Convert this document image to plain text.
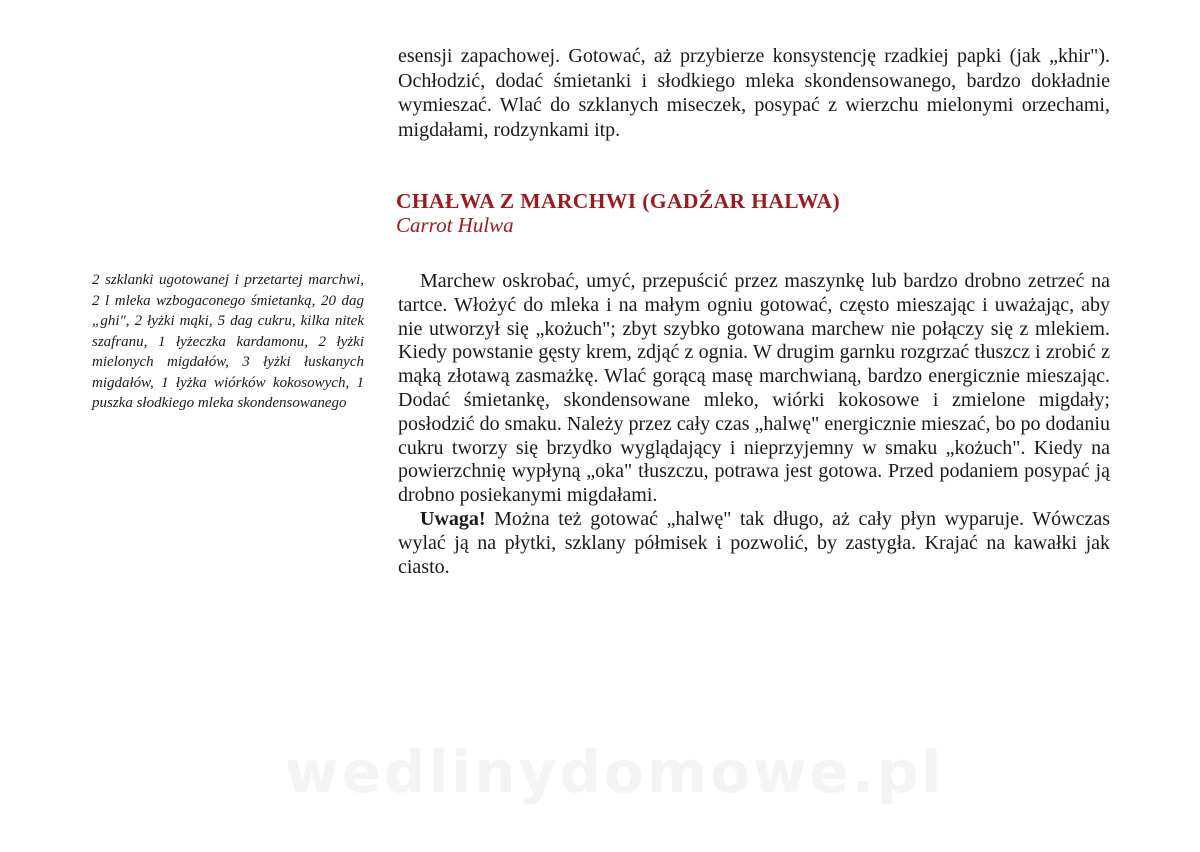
esensji zapachowej. Gotować, aż przybierze konsystencję rzadkiej papki (jak „khir"). Ochłodzić, dodać śmietanki i słodkiego mleka skondensowanego, bardzo dokładnie wymieszać. Wlać do szklanych miseczek, posypać z wierzchu mielonymi orzechami, migdałami, rodzynkami itp.

CHAŁWA Z MARCHWI (GADŹAR HALWA)
Carrot Hulwa

2 szklanki ugotowanej i przetartej marchwi, 2 l mleka wzbogaconego śmietanką, 20 dag „ghi", 2 łyżki mąki, 5 dag cukru, kilka nitek szafranu, 1 łyżeczka kardamonu, 2 łyżki mielonych migdałów, 3 łyżki łuskanych migdałów, 1 łyżka wiórków kokosowych, 1 puszka słodkiego mleka skondensowanego

Marchew oskrobać, umyć, przepuścić przez maszynkę lub bardzo drobno zetrzeć na tartce. Włożyć do mleka i na małym ogniu gotować, często mieszając i uważając, aby nie utworzył się „kożuch"; zbyt szybko gotowana marchew nie połączy się z mlekiem. Kiedy powstanie gęsty krem, zdjąć z ognia. W drugim garnku rozgrzać tłuszcz i zrobić z mąką złotawą zasmażkę. Wlać gorącą masę marchwianą, bardzo energicznie mieszając. Dodać śmietankę, skondensowane mleko, wiórki kokosowe i zmielone migdały; posłodzić do smaku. Należy przez cały czas „halwę" energicznie mieszać, bo po dodaniu cukru tworzy się brzydko wyglądający i nieprzyjemny w smaku „kożuch". Kiedy na powierzchnię wypłyną „oka" tłuszczu, potrawa jest gotowa. Przed podaniem posypać ją drobno posiekanymi migdałami.

Uwaga! Można też gotować „halwę" tak długo, aż cały płyn wyparuje. Wówczas wylać ją na płytki, szklany półmisek i pozwolić, by zastygła. Krajać na kawałki jak ciasto.

wedlinydomowe.pl
